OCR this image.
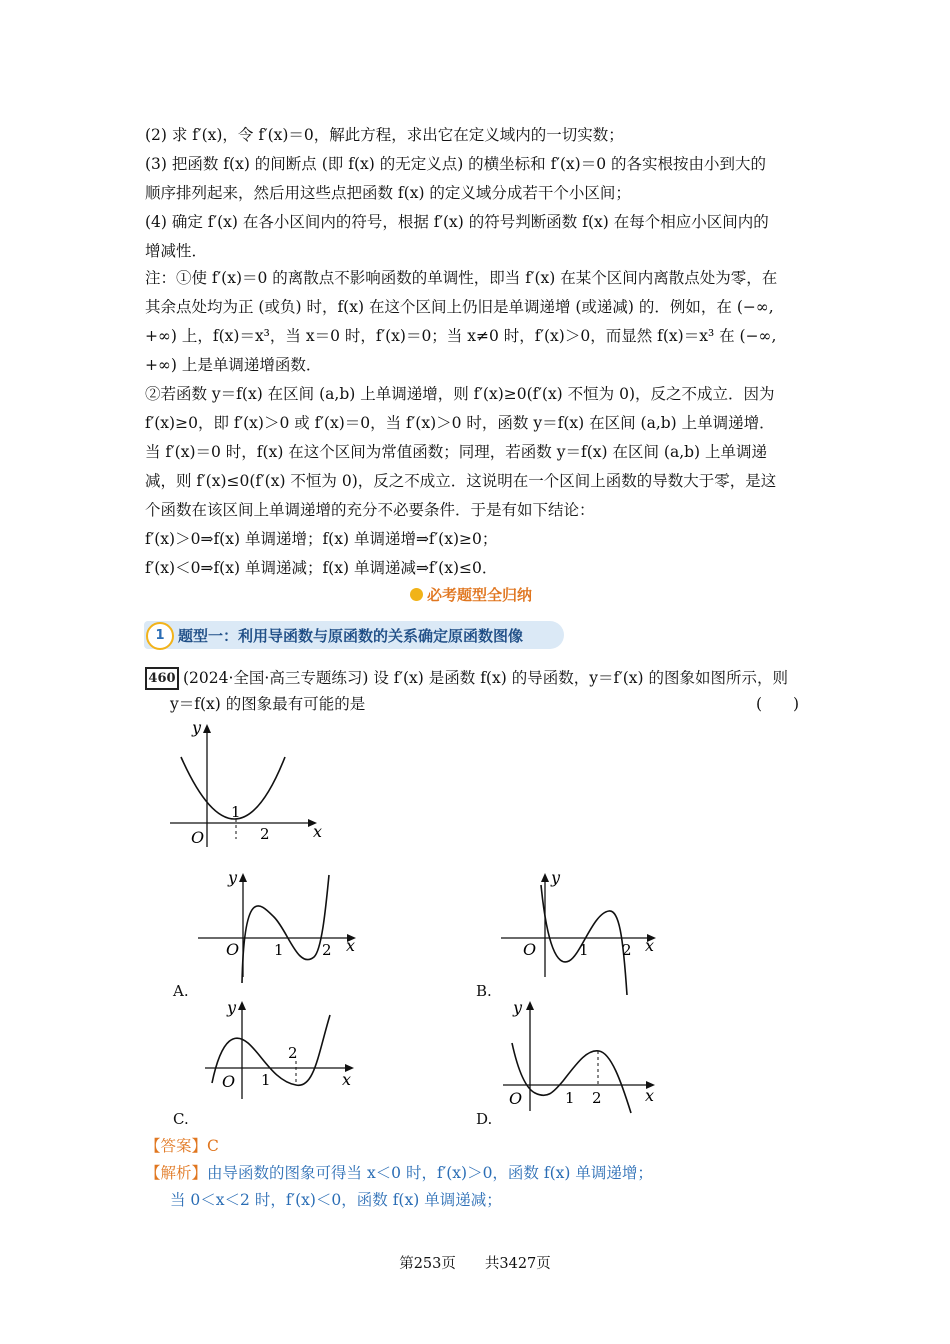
(2) 求 f′(x)，令 f′(x)＝0，解此方程，求出它在定义域内的一切实数；
(3) 把函数 f(x) 的间断点 (即 f(x) 的无定义点) 的横坐标和 f′(x)＝0 的各实根按由小到大的
顺序排列起来，然后用这些点把函数 f(x) 的定义域分成若干个小区间；
(4) 确定 f′(x) 在各小区间内的符号，根据 f′(x) 的符号判断函数 f(x) 在每个相应小区间内的
增减性．
注：①使 f′(x)＝0 的离散点不影响函数的单调性，即当 f′(x) 在某个区间内离散点处为零，在
其余点处均为正 (或负) 时，f(x) 在这个区间上仍旧是单调递增 (或递减) 的．例如，在 (−∞,
+∞) 上，f(x)＝x³，当 x＝0 时，f′(x)＝0；当 x≠0 时，f′(x)＞0，而显然 f(x)＝x³ 在 (−∞,
+∞) 上是单调递增函数．
②若函数 y＝f(x) 在区间 (a,b) 上单调递增，则 f′(x)≥0(f′(x) 不恒为 0)，反之不成立．因为
f′(x)≥0，即 f′(x)＞0 或 f′(x)＝0，当 f′(x)＞0 时，函数 y＝f(x) 在区间 (a,b) 上单调递增．
当 f′(x)＝0 时，f(x) 在这个区间为常值函数；同理，若函数 y＝f(x) 在区间 (a,b) 上单调递
减，则 f′(x)≤0(f′(x) 不恒为 0)，反之不成立．这说明在一个区间上函数的导数大于零，是这
个函数在该区间上单调递增的充分不必要条件．于是有如下结论：
f′(x)＞0⇒f(x) 单调递增；f(x) 单调递增⇒f′(x)≥0；
f′(x)＜0⇒f(x) 单调递减；f(x) 单调递减⇒f′(x)≤0．
必考题型全归纳
1 题型一：利用导函数与原函数的关系确定原函数图像
460 (2024·全国·高三专题练习) 设 f′(x) 是函数 f(x) 的导函数，y＝f′(x) 的图象如图所示，则
y＝f(x) 的图象最有可能的是	(　　)
x
y
O
1
2
x
y
O 1	2
A.
x
y
O	1 2
B.
x
y
O 1
2
C.
x
y
O	1 2
D.
【答案】C
【解析】由导函数的图象可得当 x＜0 时，f′(x)＞0，函数 f(x) 单调递增；
当 0＜x＜2 时，f′(x)＜0，函数 f(x) 单调递减；
第253页　　共3427页
